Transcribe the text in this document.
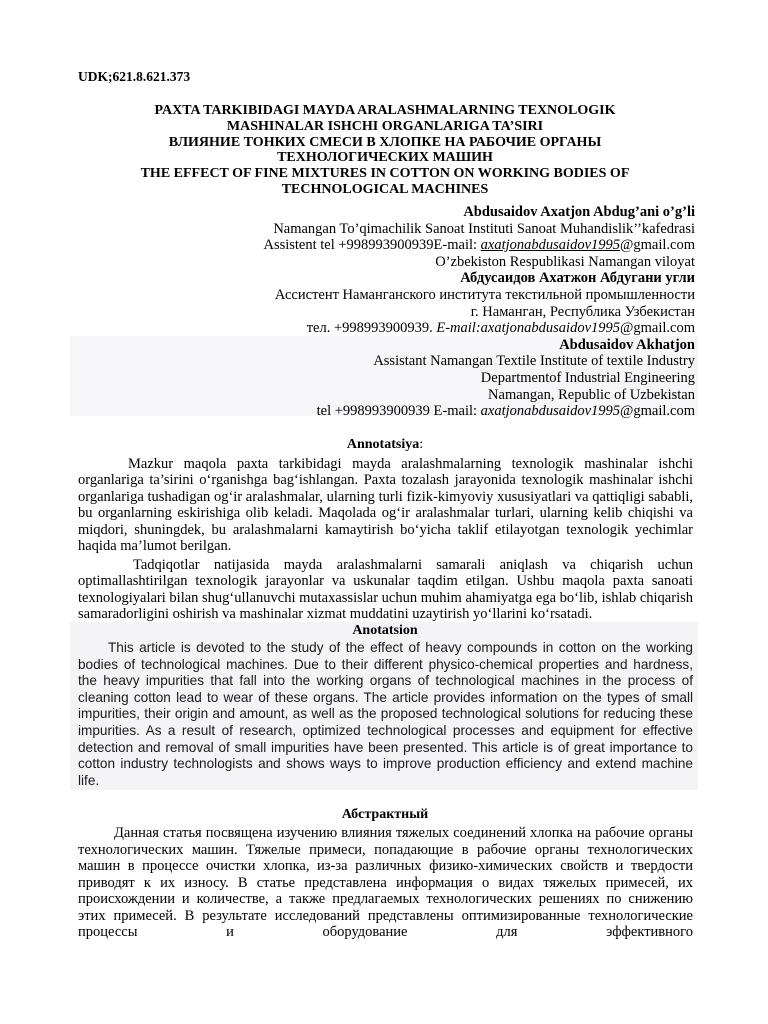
UDK;621.8.621.373
PAXTA TARKIBIDAGI MAYDA ARALASHMALARNING TEXNOLOGIK
MASHINALAR ISHCHI ORGANLARIGA TA’SIRI
ВЛИЯНИЕ ТОНКИХ СМЕСИ В ХЛОПКЕ НА РАБОЧИЕ ОРГАНЫ
ТЕХНОЛОГИЧЕСКИХ МАШИН
THE EFFECT OF FINE MIXTURES IN COTTON ON WORKING BODIES OF
TECHNOLOGICAL MACHINES
Abdusaidov Axatjon Abdug’ani o’g’li
Namangan To’qimachilik Sanoat Instituti Sanoat Muhandislik’’kafedrasi
Assistent tel +998993900939E-mail: axatjonabdusaidov1995@gmail.com
O’zbekiston Respublikasi Namangan viloyat
Абдусаидов Ахатжон Абдугани угли
Ассистент Наманганского института текстильной промышленности
г. Наманган, Республика Узбекистан
тел. +998993900939. E-mail:axatjonabdusaidov1995@gmail.com
Abdusaidov Akhatjon
Assistant Namangan Textile Institute of textile Industry
Departmentof Industrial Engineering
Namangan, Republic of Uzbekistan
tel +998993900939 E-mail: axatjonabdusaidov1995@gmail.com
Annotatsiya:
Mazkur maqola paxta tarkibidagi mayda aralashmalarning texnologik mashinalar ishchi organlariga ta’sirini o‘rganishga bag‘ishlangan. Paxta tozalash jarayonida texnologik mashinalar ishchi organlariga tushadigan og‘ir aralashmalar, ularning turli fizik-kimyoviy xususiyatlari va qattiqligi sababli, bu organlarning eskirishiga olib keladi. Maqolada og‘ir aralashmalar turlari, ularning kelib chiqishi va miqdori, shuningdek, bu aralashmalarni kamaytirish bo‘yicha taklif etilayotgan texnologik yechimlar haqida ma’lumot berilgan.
Tadqiqotlar natijasida mayda aralashmalarni samarali aniqlash va chiqarish uchun optimallashtirilgan texnologik jarayonlar va uskunalar taqdim etilgan. Ushbu maqola paxta sanoati texnologiyalari bilan shug‘ullanuvchi mutaxassislar uchun muhim ahamiyatga ega bo‘lib, ishlab chiqarish samaradorligini oshirish va mashinalar xizmat muddatini uzaytirish yo‘llarini ko‘rsatadi.
Anotatsion
This article is devoted to the study of the effect of heavy compounds in cotton on the working bodies of technological machines. Due to their different physico-chemical properties and hardness, the heavy impurities that fall into the working organs of technological machines in the process of cleaning cotton lead to wear of these organs. The article provides information on the types of small impurities, their origin and amount, as well as the proposed technological solutions for reducing these impurities. As a result of research, optimized technological processes and equipment for effective detection and removal of small impurities have been presented. This article is of great importance to cotton industry technologists and shows ways to improve production efficiency and extend machine life.
Абстрактный
Данная статья посвящена изучению влияния тяжелых соединений хлопка на рабочие органы технологических машин. Тяжелые примеси, попадающие в рабочие органы технологических машин в процессе очистки хлопка, из-за различных физико-химических свойств и твердости приводят к их износу. В статье представлена информация о видах тяжелых примесей, их происхождении и количестве, а также предлагаемых технологических решениях по снижению этих примесей. В результате исследований представлены оптимизированные технологические процессы и оборудование для эффективного
